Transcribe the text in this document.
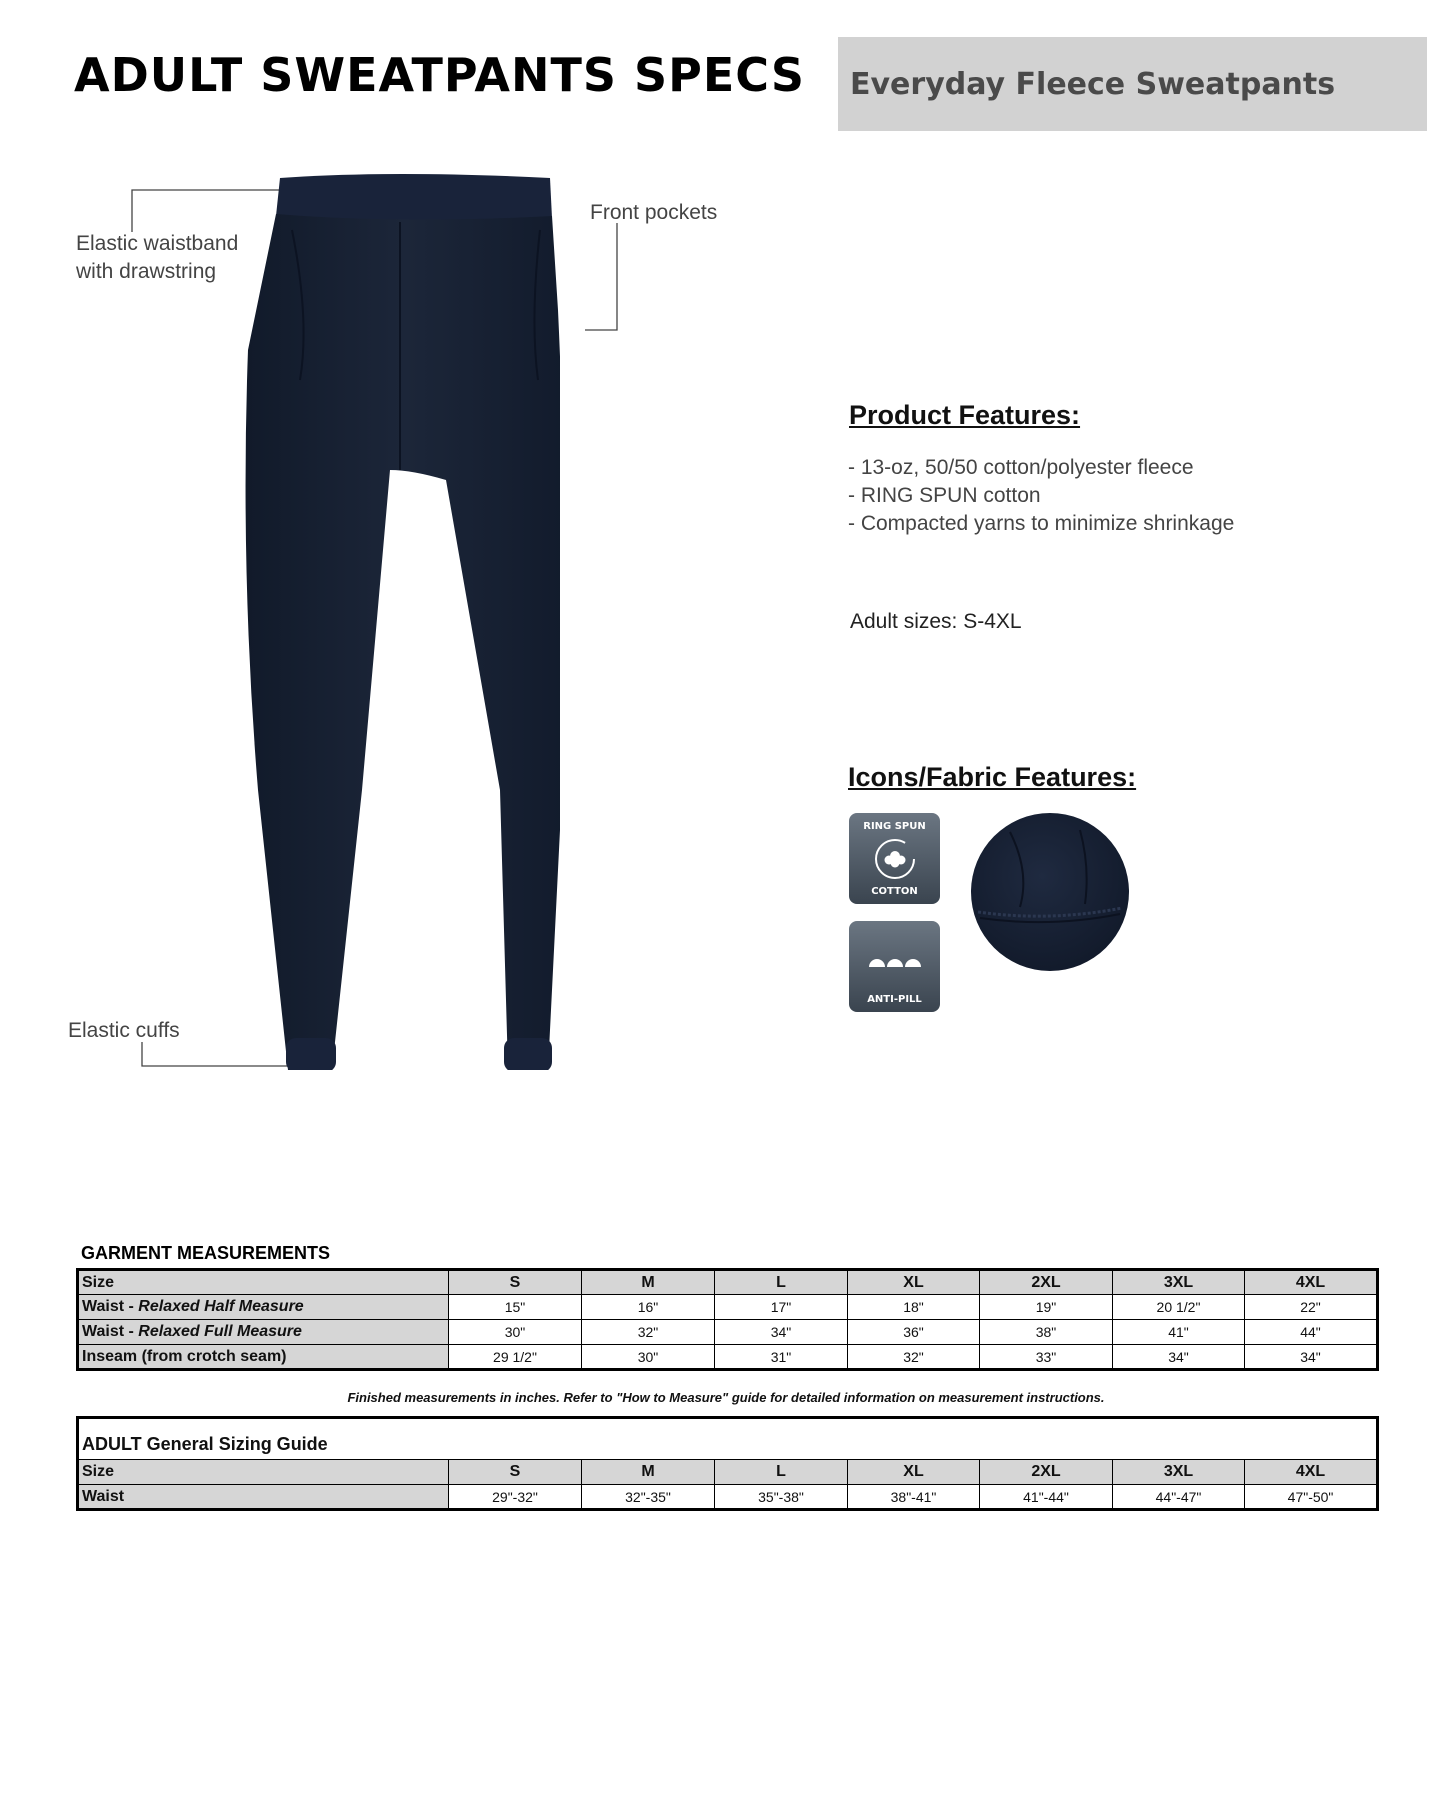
ADULT SWEATPANTS SPECS Everyday Fleece Sweatpants
Elastic waistband
with drawstring
Front pockets
Elastic cuffs
Product Features:
- 13-oz, 50/50 cotton/polyester fleece
- RING SPUN cotton
- Compacted yarns to minimize shrinkage
Adult sizes: S-4XL
Icons/Fabric Features:
RING SPUN
COTTON
ANTI-PILL
GARMENT MEASUREMENTS
Size	S	M	L	XL	2XL	3XL	4XL
Waist - Relaxed Half Measure	15"	16"	17"	18"	19"	20 1/2"	22"
Waist - Relaxed Full Measure	30"	32"	34"	36"	38"	41"	44"
Inseam (from crotch seam)	29 1/2"	30"	31"	32"	33"	34"	34"
Finished measurements in inches. Refer to "How to Measure" guide for detailed information on measurement instructions.
ADULT General Sizing Guide							
Size	S	M	L	XL	2XL	3XL	4XL
Waist	29"-32"	32"-35"	35"-38"	38"-41"	41"-44"	44"-47"	47"-50"
